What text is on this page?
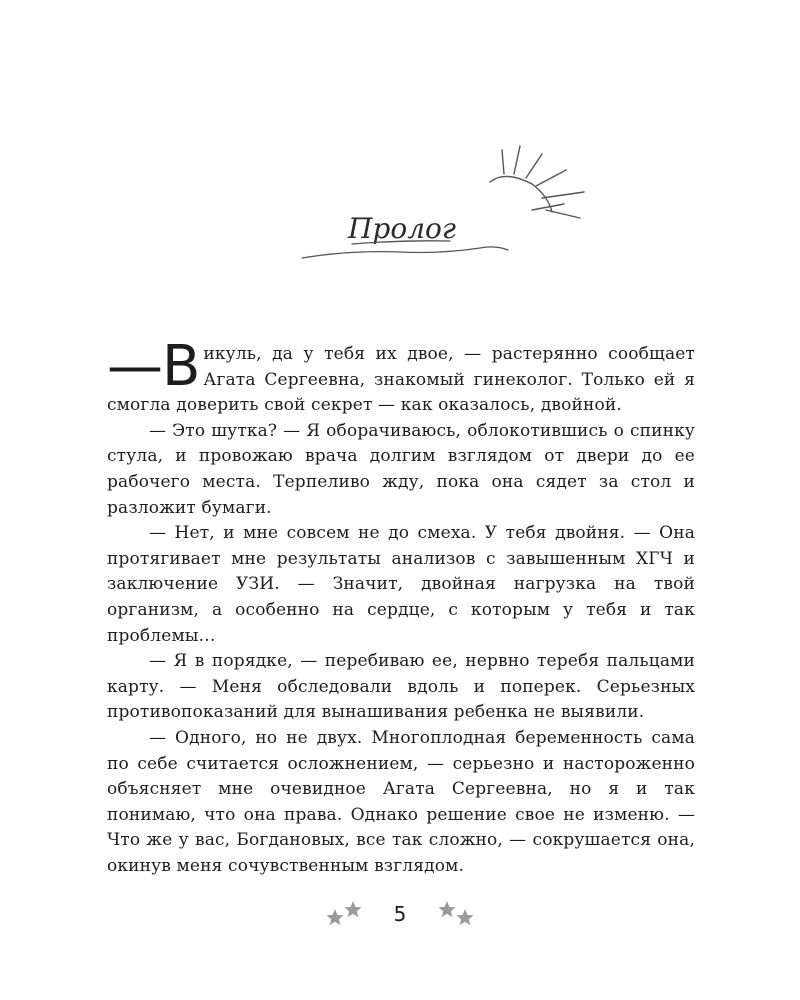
Пролог

—В икуль, да у тебя их двое, — растерянно сообщает Агата Сергеевна, знакомый гинеколог. Только ей я смогла доверить свой секрет — как оказалось, двойной.

— Это шутка? — Я оборачиваюсь, облокотившись о спинку стула, и провожаю врача долгим взглядом от двери до ее рабочего места. Терпеливо жду, пока она сядет за стол и разложит бумаги.

— Нет, и мне совсем не до смеха. У тебя двойня. — Она протягивает мне результаты анализов с завышенным ХГЧ и заключение УЗИ. — Значит, двойная нагрузка на твой организм, а особенно на сердце, с которым у тебя и так проблемы…

— Я в порядке, — перебиваю ее, нервно теребя пальцами карту. — Меня обследовали вдоль и поперек. Серьезных противопоказаний для вынашивания ребенка не выявили.

— Одного, но не двух. Многоплодная беременность сама по себе считается осложнением, — серьезно и настороженно объясняет мне очевидное Агата Сергеевна, но я и так понимаю, что она права. Однако решение свое не изменю. — Что же у вас, Богдановых, все так сложно, — сокрушается она, окинув меня сочувственным взглядом.

5
